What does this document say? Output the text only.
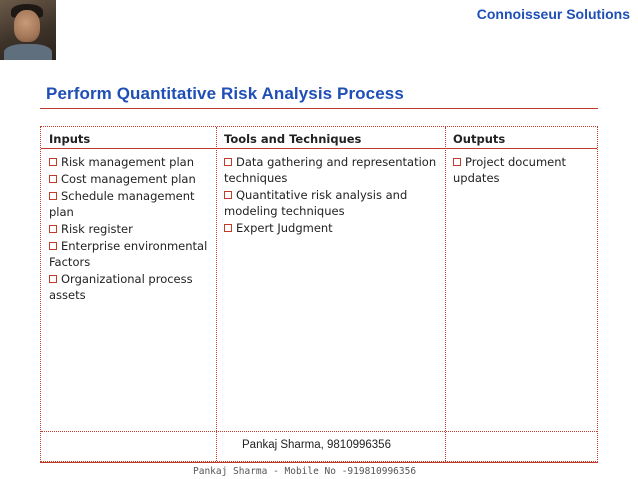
Connoisseur Solutions
Perform Quantitative Risk Analysis Process
Inputs	Tools and Techniques	Outputs
Risk management plan
Cost management plan
Schedule management plan
Risk register
Enterprise environmental Factors
Organizational process assets
Data gathering and representation techniques
Quantitative risk analysis and modeling techniques
Expert Judgment
Project document updates
Pankaj Sharma, 9810996356
Pankaj Sharma - Mobile No -919810996356
